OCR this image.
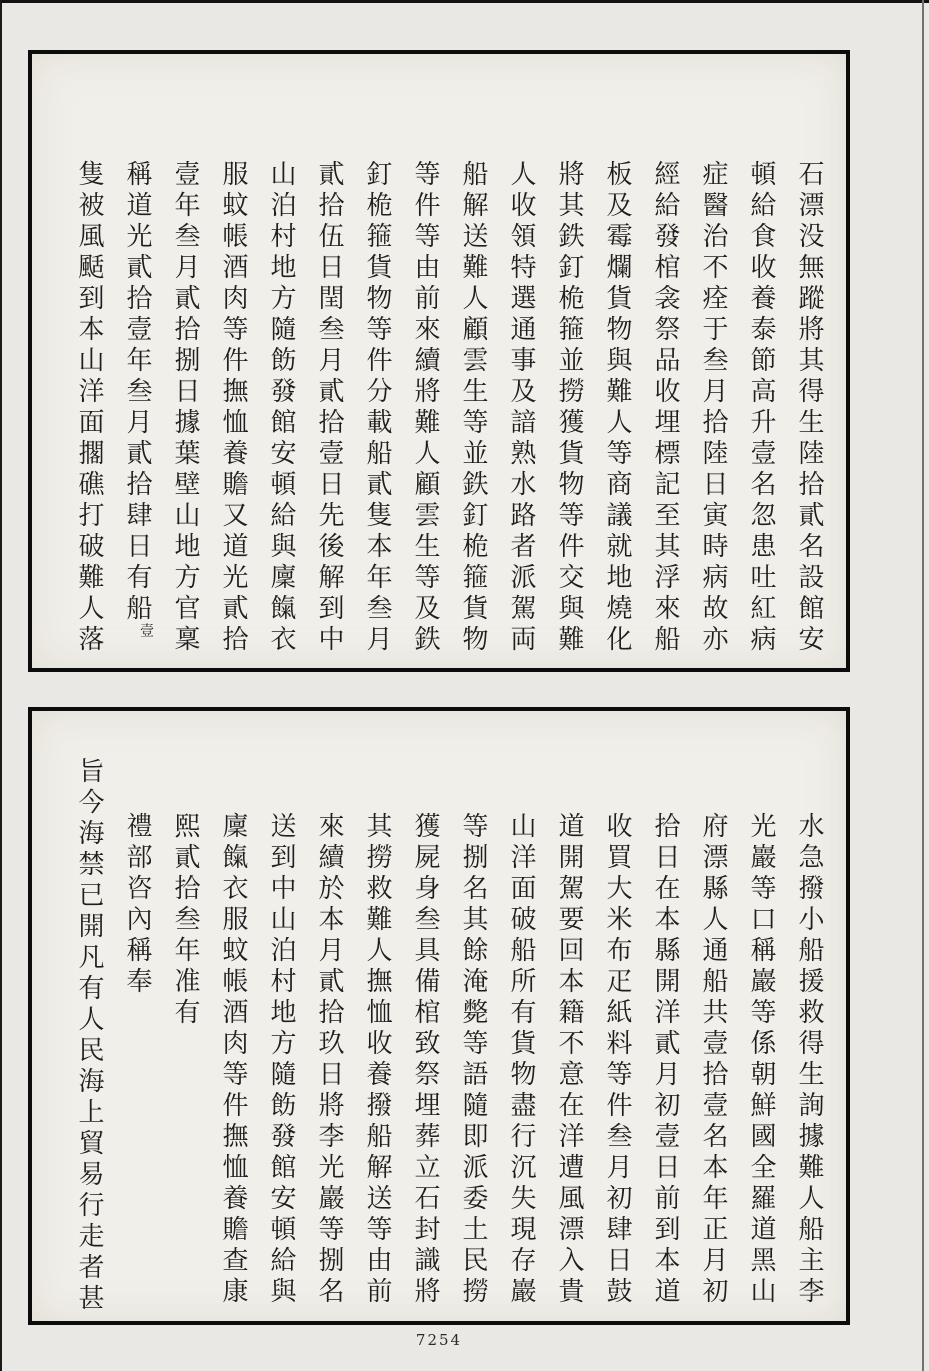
石漂没無蹤將其得生陸拾貳名設館安
頓給食收養泰節高升壹名忽患吐紅病
症醫治不痊于叁月拾陸日寅時病故亦
經給發棺衾祭品收埋標記至其浮來船
板及霉爛貨物與難人等商議就地燒化
將其鉄釘桅箍並撈獲貨物等件交與難
人收領特選通事及諳熟水路者派駕両
船解送難人顧雲生等並鉄釘桅箍貨物
等件等由前來續將難人顧雲生等及鉄
釘桅箍貨物等件分載船貳隻本年叁月
貳拾伍日閏叁月貳拾壹日先後解到中
山泊村地方隨飭發館安頓給與廩餼衣
服蚊帳酒肉等件撫恤養贍又道光貳拾
壹年叁月貳拾捌日據葉壁山地方官稟
稱道光貳拾壹年叁月貳拾肆日有船壹
隻被風颳到本山洋面擱礁打破難人落
水急撥小船援救得生詢據難人船主李
光巖等口稱巖等係朝鮮國全羅道黑山
府漂縣人通船共壹拾壹名本年正月初
拾日在本縣開洋貳月初壹日前到本道
收買大米布疋紙料等件叁月初肆日鼓
道開駕要回本籍不意在洋遭風漂入貴
山洋面破船所有貨物盡行沉失現存巖
等捌名其餘淹斃等語隨即派委土民撈
獲屍身叁具備棺致祭埋葬立石封識將
其撈救難人撫恤收養撥船解送等由前
來續於本月貳拾玖日將李光巖等捌名
送到中山泊村地方隨飭發館安頓給與
廩餼衣服蚊帳酒肉等件撫恤養贍查康
熙貳拾叁年准有
禮部咨內稱奉
旨今海禁已開凡有人民海上貿易行走者甚
7254
